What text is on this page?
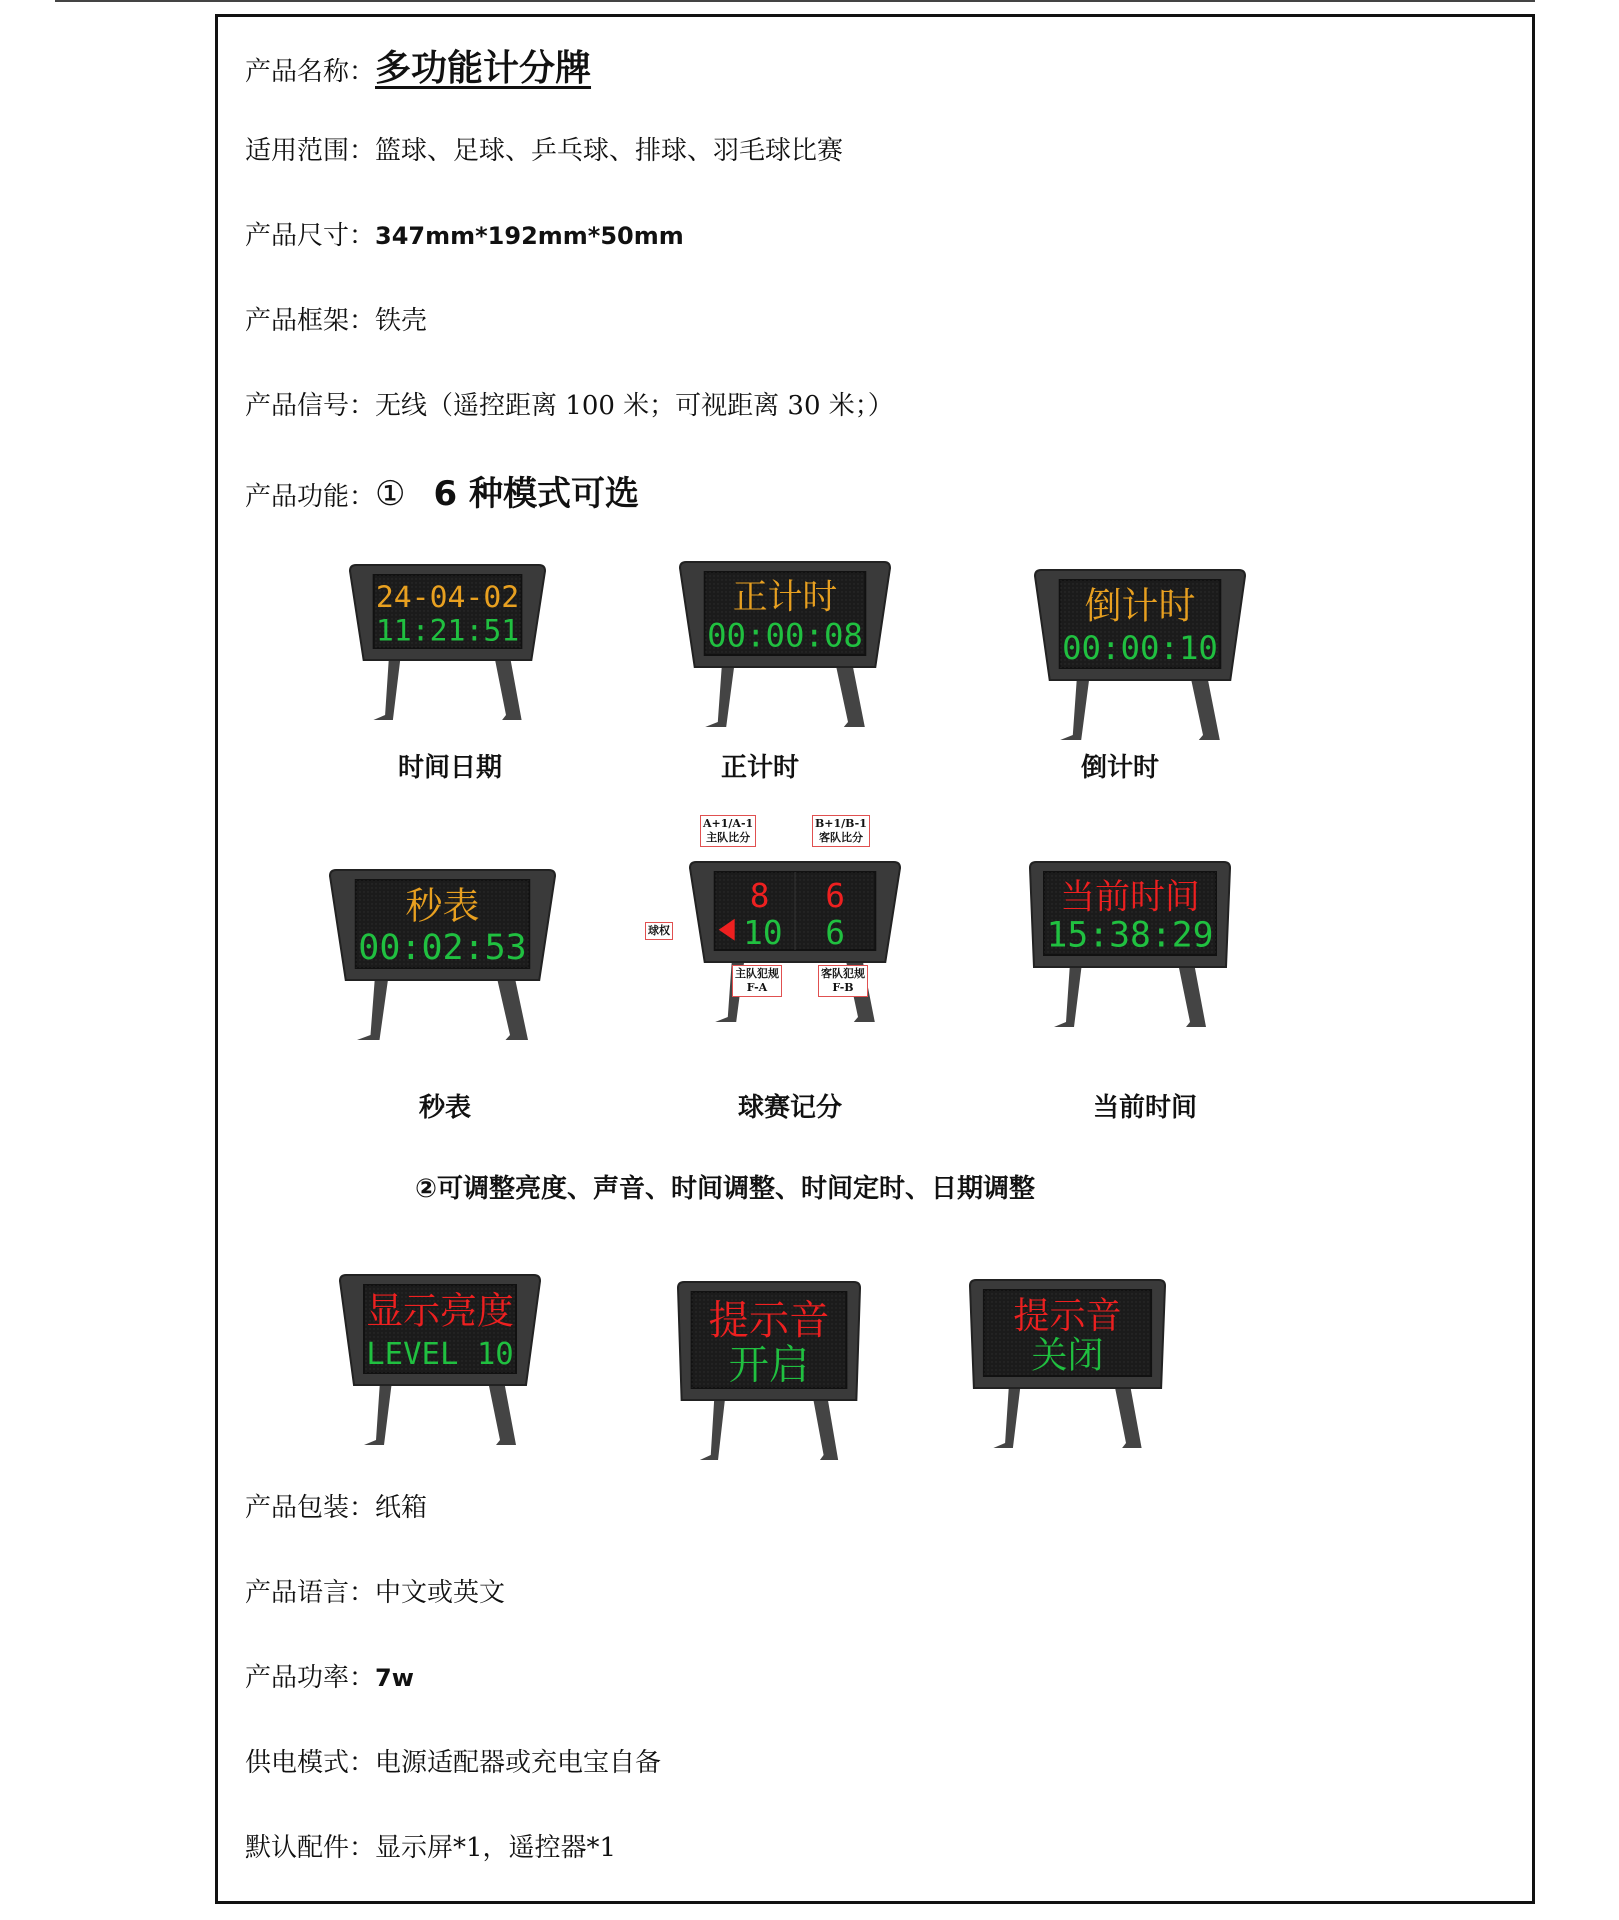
产品名称：多功能计分牌
适用范围：篮球、足球、乒乓球、排球、羽毛球比赛
产品尺寸：347mm*192mm*50mm
产品框架：铁壳
产品信号：无线（遥控距离 100 米；可视距离 30 米；）
产品功能：① 6 种模式可选
24-04-02
11:21:51
时间日期
正计时
00:00:08
正计时
倒计时
00:00:10
倒计时
秒表
00:02:53
秒表
8 6
10 6
球赛记分
A+1/A-1
主队比分
B+1/B-1
客队比分
球权
主队犯规
F-A
客队犯规
F-B
当前时间
15:38:29
当前时间
②可调整亮度、声音、时间调整、时间定时、日期调整
显示亮度
LEVEL 10
提示音
开启
提示音
关闭
产品包装：纸箱
产品语言：中文或英文
产品功率：7w
供电模式：电源适配器或充电宝自备
默认配件：显示屏*1，遥控器*1
